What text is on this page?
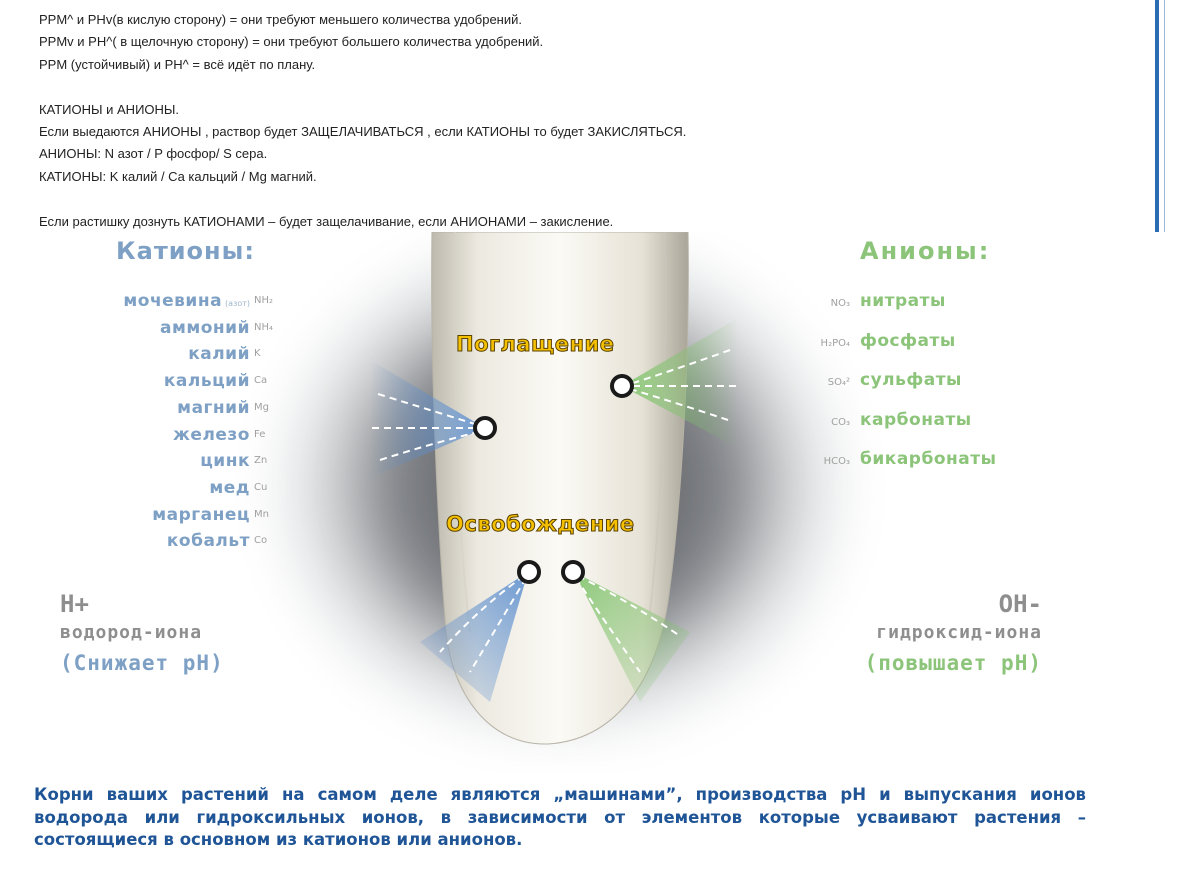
PPM^ и PHv(в кислую сторону) = они требуют меньшего количества удобрений.
PPMv и PH^( в щелочную сторону) = они требуют большего количества удобрений.
PPM (устойчивый) и PH^ = всё идёт по плану.
КАТИОНЫ и АНИОНЫ.
Если выедаются АНИОНЫ , раствор будет ЗАЩЕЛАЧИВАТЬСЯ , если КАТИОНЫ то будет ЗАКИСЛЯТЬСЯ.
АНИОНЫ: N азот / P фосфор/ S сера.
КАТИОНЫ: K калий / Ca кальций / Mg магний.
Если растишку дознуть КАТИОНАМИ – будет защелачивание, если АНИОНАМИ – закисление.
Катионы:	Анионы:
мочевина (азот) NH₂
аммоний NH₄
калий K
кальций Ca
магний Mg
железо Fe
цинк Zn
мед Cu
марганец Mn
кобальт Co
NO₃ нитраты
H₂PO₄ фосфаты
SO₄² сульфаты
CO₃ карбонаты
HCO₃ бикарбонаты
Поглащение
Освобождение
H+
водород-иона
(Снижает pH)
OH-
гидроксид-иона
(повышает pH)
Корни ваших растений на самом деле являются „машинами”, производства pH и выпускания ионов водорода или гидроксильных ионов, в зависимости от элементов которые усваивают растения – состоящиеся в основном из катионов или анионов.
